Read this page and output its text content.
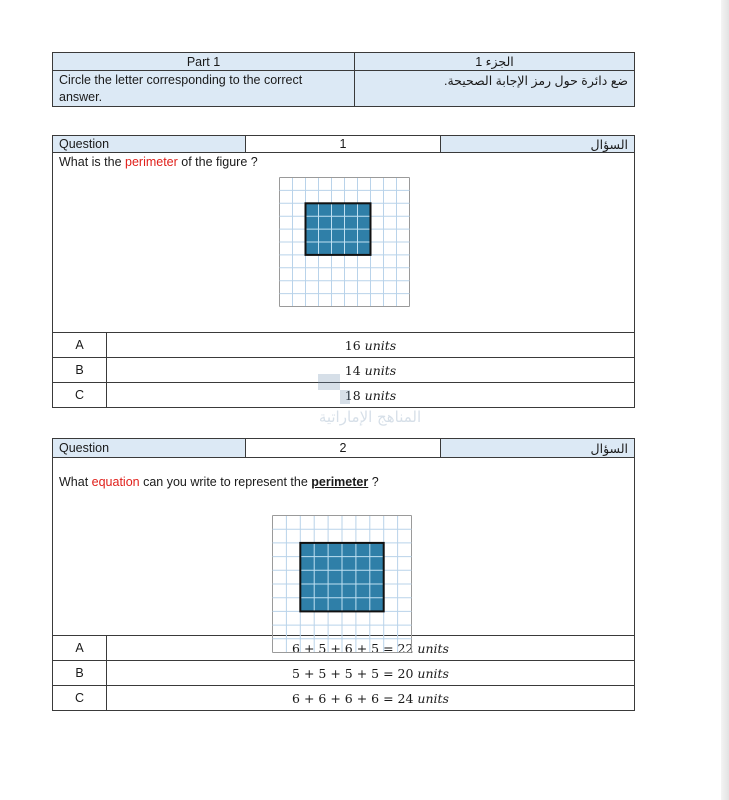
Part 1	الجزء 1
Circle the letter corresponding to the correct answer.	ضع دائرة حول رمز الإجابة الصحيحة.
Question		1	السؤال

What is the perimeter of the figure ?			

A	16 units		
B	14 units		
C	18 units		
Question		2	السؤال

What equation can you write to represent the perimeter ?			

A	6 + 5 + 6 + 5 = 22 units		
B	5 + 5 + 5 + 5 = 20 units		
C	6 + 6 + 6 + 6 = 24 units		
المناهج الإماراتية
